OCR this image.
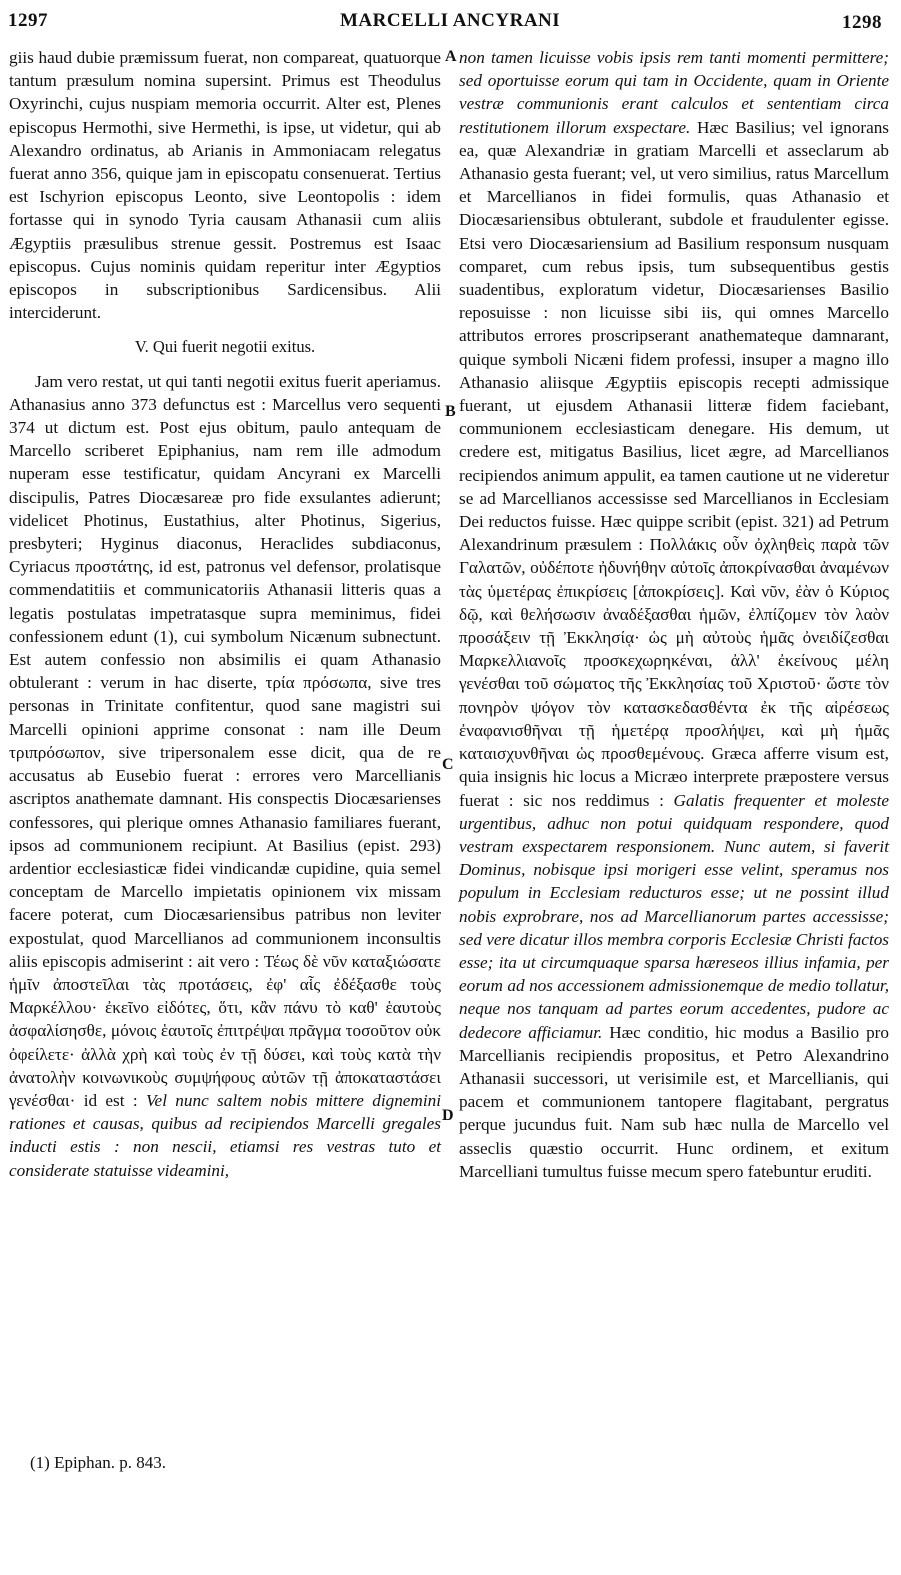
1297	MARCELLI ANCYRANI	1298

giis haud dubie præmissum fuerat, non compareat, quatuorque tantum præsulum nomina supersint. Primus est Theodulus Oxyrinchi, cujus nuspiam memoria occurrit. Alter est, Plenes episcopus Hermothi, sive Hermethi, is ipse, ut videtur, qui ab Alexandro ordinatus, ab Arianis in Ammoniacam relegatus fuerat anno 356, quique jam in episcopatu consenuerat. Tertius est Ischyrion episcopus Leonto, sive Leontopolis : idem fortasse qui in synodo Tyria causam Athanasii cum aliis Ægyptiis præsulibus strenue gessit. Postremus est Isaac episcopus. Cujus nominis quidam reperitur inter Ægyptios episcopos in subscriptionibus Sardicensibus. Alii interciderunt.

V. Qui fuerit negotii exitus.

Jam vero restat, ut qui tanti negotii exitus fuerit aperiamus. Athanasius anno 373 defunctus est : Marcellus vero sequenti 374 ut dictum est. Post ejus obitum, paulo antequam de Marcello scriberet Epiphanius, nam rem ille admodum nuperam esse testificatur, quidam Ancyrani ex Marcelli discipulis, Patres Diocæsareæ pro fide exsulantes adierunt; videlicet Photinus, Eustathius, alter Photinus, Sigerius, presbyteri; Hyginus diaconus, Heraclides subdiaconus, Cyriacus προστάτης, id est, patronus vel defensor, prolatisque commendatitiis et communicatoriis Athanasii litteris quas a legatis postulatas impetratasque supra meminimus, fidei confessionem edunt (1), cui symbolum Nicænum subnectunt. Est autem confessio non absimilis ei quam Athanasio obtulerant : verum in hac diserte, τρία πρόσωπα, sive tres personas in Trinitate confitentur, quod sane magistri sui Marcelli opinioni apprime consonat : nam ille Deum τριπρόσωπον, sive tripersonalem esse dicit, qua de re accusatus ab Eusebio fuerat : errores vero Marcellianis ascriptos anathemate damnant. His conspectis Diocæsarienses confessores, qui plerique omnes Athanasio familiares fuerant, ipsos ad communionem recipiunt. At Basilius (epist. 293) ardentior ecclesiasticæ fidei vindicandæ cupidine, quia semel conceptam de Marcello impietatis opinionem vix missam facere poterat, cum Diocæsariensibus patribus non leviter expostulat, quod Marcellianos ad communionem inconsultis aliis episcopis admiserint : ait vero : Τέως δὲ νῦν καταξιώσατε ἡμῖν ἀποστεῖλαι τὰς προτάσεις, ἐφ' αἷς ἐδέξασθε τοὺς Μαρκέλλου· ἐκεῖνο εἰδότες, ὅτι, κἂν πάνυ τὸ καθ' ἑαυτοὺς ἀσφαλίσησθε, μόνοις ἑαυτοῖς ἐπιτρέψαι πρᾶγμα τοσοῦτον οὐκ ὀφείλετε· ἀλλὰ χρὴ καὶ τοὺς ἐν τῇ δύσει, καὶ τοὺς κατὰ τὴν ἀνατολὴν κοινωνικοὺς συμψήφους αὐτῶν τῇ ἀποκαταστάσει γενέσθαι· id est : Vel nunc saltem nobis mittere dignemini rationes et causas, quibus ad recipiendos Marcelli gregales inducti estis : non nescii, etiamsi res vestras tuto et considerate statuisse videamini,

non tamen licuisse vobis ipsis rem tanti momenti permittere; sed oportuisse eorum qui tam in Occidente, quam in Oriente vestræ communionis erant calculos et sententiam circa restitutionem illorum exspectare. Hæc Basilius; vel ignorans ea, quæ Alexandriæ in gratiam Marcelli et asseclarum ab Athanasio gesta fuerant; vel, ut vero similius, ratus Marcellum et Marcellianos in fidei formulis, quas Athanasio et Diocæsariensibus obtulerant, subdole et fraudulenter egisse. Etsi vero Diocæsariensium ad Basilium responsum nusquam comparet, cum rebus ipsis, tum subsequentibus gestis suadentibus, exploratum videtur, Diocæsarienses Basilio reposuisse : non licuisse sibi iis, qui omnes Marcello attributos errores proscripserant anathemateque damnarant, quique symboli Nicæni fidem professi, insuper a magno illo Athanasio aliisque Ægyptiis episcopis recepti admissique fuerant, ut ejusdem Athanasii litteræ fidem faciebant, communionem ecclesiasticam denegare. His demum, ut credere est, mitigatus Basilius, licet ægre, ad Marcellianos recipiendos animum appulit, ea tamen cautione ut ne videretur se ad Marcellianos accessisse sed Marcellianos in Ecclesiam Dei reductos fuisse. Hæc quippe scribit (epist. 321) ad Petrum Alexandrinum præsulem : Πολλάκις οὖν ὀχληθεὶς παρὰ τῶν Γαλατῶν, οὐδέποτε ἠδυνήθην αὐτοῖς ἀποκρίνασθαι ἀναμένων τὰς ὑμετέρας ἐπικρίσεις [ἀποκρίσεις]. Καὶ νῦν, ἐὰν ὁ Κύριος δῷ, καὶ θελήσωσιν ἀναδέξασθαι ἡμῶν, ἐλπίζομεν τὸν λαὸν προσάξειν τῇ Ἐκκλησίᾳ· ὡς μὴ αὐτοὺς ἡμᾶς ὀνειδίζεσθαι Μαρκελλιανοῖς προσκεχωρηκέναι, ἀλλ' ἐκείνους μέλη γενέσθαι τοῦ σώματος τῆς Ἐκκλησίας τοῦ Χριστοῦ· ὥστε τὸν πονηρὸν ψόγον τὸν κατασκεδασθέντα ἐκ τῆς αἱρέσεως ἐναφανισθῆναι τῇ ἡμετέρᾳ προσλήψει, καὶ μὴ ἡμᾶς καταισχυνθῆναι ὡς προσθεμένους. Græca afferre visum est, quia insignis hic locus a Micræo interprete præpostere versus fuerat : sic nos reddimus : Galatis frequenter et moleste urgentibus, adhuc non potui quidquam respondere, quod vestram exspectarem responsionem. Nunc autem, si faverit Dominus, nobisque ipsi morigeri esse velint, speramus nos populum in Ecclesiam reducturos esse; ut ne possint illud nobis exprobrare, nos ad Marcellianorum partes accessisse; sed vere dicatur illos membra corporis Ecclesiæ Christi factos esse; ita ut circumquaque sparsa hæreseos illius infamia, per eorum ad nos accessionem admissionemque de medio tollatur, neque nos tanquam ad partes eorum accedentes, pudore ac dedecore afficiamur. Hæc conditio, hic modus a Basilio pro Marcellianis recipiendis propositus, et Petro Alexandrino Athanasii successori, ut verisimile est, et Marcellianis, qui pacem et communionem tantopere flagitabant, pergratus perque jucundus fuit. Nam sub hæc nulla de Marcello vel asseclis quæstio occurrit. Hunc ordinem, et exitum Marcelliani tumultus fuisse mecum spero fatebuntur eruditi.

A
B
C
D
(1) Epiphan. p. 843.
